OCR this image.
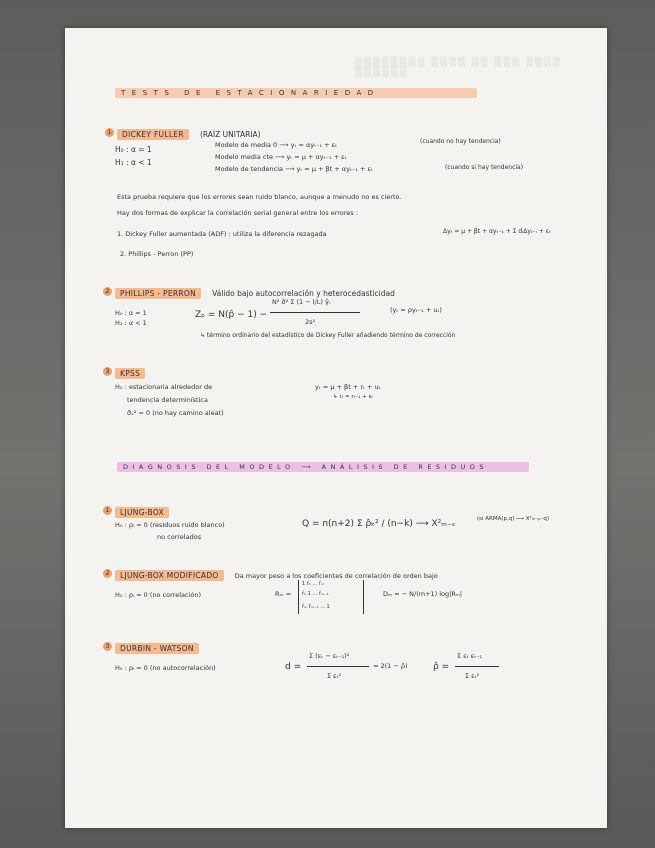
▒▒▒▒▒▒▒▒ ▒▒▒▒ ▒▒ ▒▒▒ ▒▒▒▒ ▒▒▒▒▒▒
TESTS DE ESTACIONARIEDAD
1 DICKEY FULLER (RAÍZ UNITARIA)
H₀ : α = 1
H₁ : α < 1
Modelo de media 0 ⟶ yₜ = αyₜ₋₁ + εₜ
Modelo media cte ⟶ yₜ = μ + αyₜ₋₁ + εₜ
Modelo de tendencia ⟶ yₜ = μ + βt + αyₜ₋₁ + εₜ
(cuando no hay tendencia)
(cuando si hay tendencia)
Esta prueba requiere que los errores sean ruido blanco, aunque a menudo no es cierto.
Hay dos formas de explicar la correlación serial general entre los errores :
1. Dickey Fuller aumentada (ADF) : utiliza la diferencia rezagada	Δyₜ = μ + βt + αyₜ₋₁ + Σ dᵢΔyₜ₋ᵢ + εₜ
2. Phillips - Perron (PP)
2 PHILLIPS - PERRON Válido bajo autocorrelación y heterocedasticidad
H₀ : α = 1
H₁ : α < 1
Zₚ = N(p̂ − 1) −
N² σ̂² Σ (1 − l/L) γ̂ₗ
2s²
(yₜ = ρyₜ₋₁ + uₜ)
↳ término ordinario del estadístico de Dickey Fuller añadiendo término de corrección
3 KPSS
H₀ : estacionaria alrededor de
tendencia determinística
σ̂ᵥ² = 0 (no hay camino aleat)
yₜ = μ + βt + rₜ + uₜ
↳ rₜ = rₜ₋₁ + εₜ
DIAGNOSIS DEL MODELO ⟶ ANÁLISIS DE RESIDUOS
1 LJUNG-BOX
H₀ : ρᵢ = 0 (residuos ruido blanco)
no correlados
Q = n(n+2) Σ ρ̂ₖ² / (n−k) ⟶ X²ₘ₋ₛ	(si ARMA(p,q) ⟶ X²ₘ₋ₚ₋q)
2 LJUNG-BOX MODIFICADO Da mayor peso a los coeficientes de correlación de orden bajo
H₀ : ρᵢ = 0 (no correlación)	Rₘ =
1 r̂₁ ... r̂ₘ
r̂₁ 1 ... r̂ₘ₋₁
r̂ₘ r̂ₘ₋₁ ... 1
Dₘ = − N/(m+1) log|Rₘ|
3 DURBIN - WATSON
H₀ : ρᵢ = 0 (no autocorrelación)	d =
Σ (εₜ − εₜ₋₁)²
Σ εₜ²
≈ 2(1 − ρ̂)	ρ̂ =
Σ εₜ εₜ₋₁
Σ εₜ²
